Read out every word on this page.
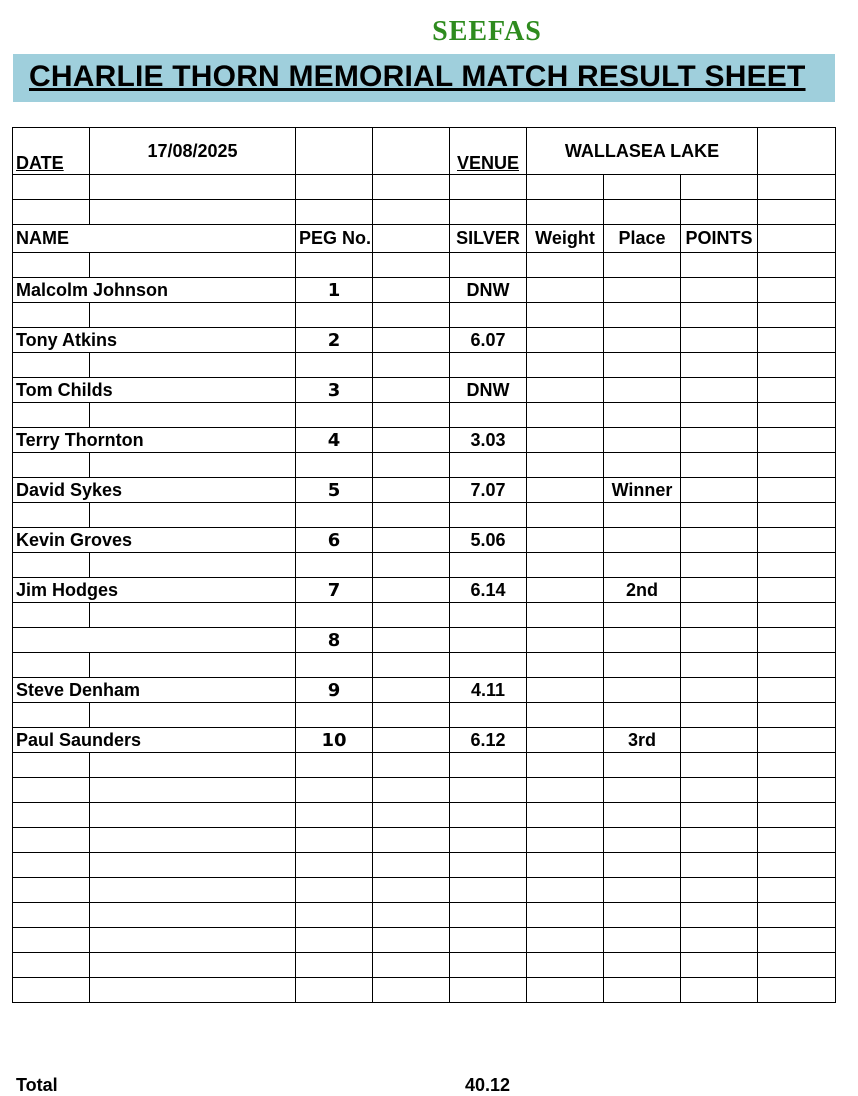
SEEFAS
CHARLIE THORN MEMORIAL MATCH RESULT SHEET
DATE	17/08/2025			VENUE	WALLASEA LAKE			

NAME		PEG No.		SILVER	Weight	Place	POINTS	

Malcolm Johnson		1		DNW				

Tony Atkins		2		6.07				

Tom Childs		3		DNW				

Terry Thornton		4		3.03				

David Sykes		5		7.07		Winner		

Kevin Groves		6		5.06				

Jim Hodges		7		6.14		2nd		

		8						

Steve Denham		9		4.11				

Paul Saunders		10		6.12		3rd		

Total	40.12
